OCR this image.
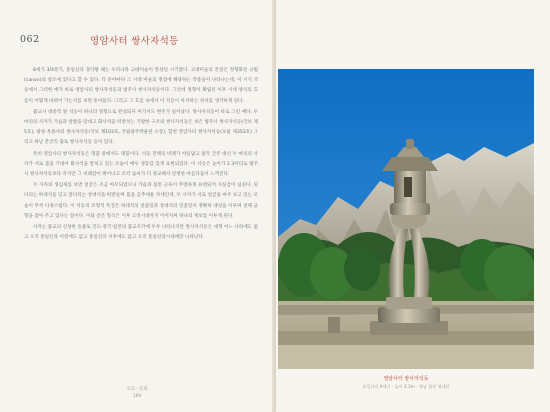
062	영암사터 쌍사자석등

8세기 3/4분기, 통일신라 경덕왕 때는 우리나라 고대미술이 완성된 시기였다. 고대미술의 본질은 정형화된 규범(canon)의 창조에 있다고 할 수 있다. 각 분야마다 그 시대 미술의 정점에 해당하는 작품들이 나타나는데, 이 시기 석등에서 그러한 예가 바로 영암사터 쌍사자석등과 법주사 쌍사자석등이다. 그런데 정형이 확립된 이후 시대 양식의 흐름이 어떻게 바뀌어 가는지를 보면 흥미롭다. 그리고 그 흐름 속에서 이 석등이 차지하는 위치를 생각하게 된다.

불교사 대중적 앞 석등이 하나의 정형으로 완성되자 여기서도 변주가 일어났다. 쌍사자석등이 바로 그런 예다. 두 마리의 사자가 가슴과 앞발을 맞대고 화사석을 떠받치는 기발한 구조의 쌍사자석등은 보은 법주사 쌍사자석등(국보 제5호), 광양 옥룡사터 쌍사자석등(국보 제103호, 국립광주박물관 소장), 합천 영암사터 쌍사자석등(보물 제353호) 그리고 하남 춘궁리 출토 쌍사자석등 등이 있다.

특히 영암사터 쌍사자석등은 명품 중에서도 명품이다. 석등 전체의 비례가 아름답고 팔각 간주 대신 두 마리의 사자가 서로 몸을 기대어 화사석을 받치고 있는 모습이 매우 생동감 있게 표현되었다. 이 석등은 높이가 2.3미터로 법주사 쌍사자석등보다 작지만 그 비례감이 뛰어나고 조각 솜씨가 더 정교해서 단정한 아름다움이 느껴진다.

두 사자의 생김새를 보면 얼굴은 조금 마모되었으나 가슴과 몸통 근육이 뚜렷하게 표현되어 사실감이 넘친다. 뒷다리는 하대석을 딛고 앞다리는 상대석을 떠받들며 몸을 곧추세운 자세인데, 두 사자가 서로 얼굴을 마주 보고 있는 모습이 무척 다정스럽다. 이 석등의 조형적 특징은 하대석의 연꽃잎과 상대석의 연꽃잎이 정확히 대칭을 이루며 전체 균형을 잡아 주고 있다는 점이다. 이와 같은 형식은 이후 고려시대까지 이어지며 하나의 계보를 이루게 된다.

사자는 불교의 신성한 동물로 인도·중국·일본의 불교조각에 두루 나타나지만 쌍사자석등은 세계 어느 나라에도 없고 오직 통일신라 이전에도 없고 통일신라 이후에도 없고 오직 통일신라시대에만 나타난다.

호의 · 문화
169
영암사터 쌍사자석등
통일신라 9세기 · 높이 2.3m · 경남 합천 영대산
